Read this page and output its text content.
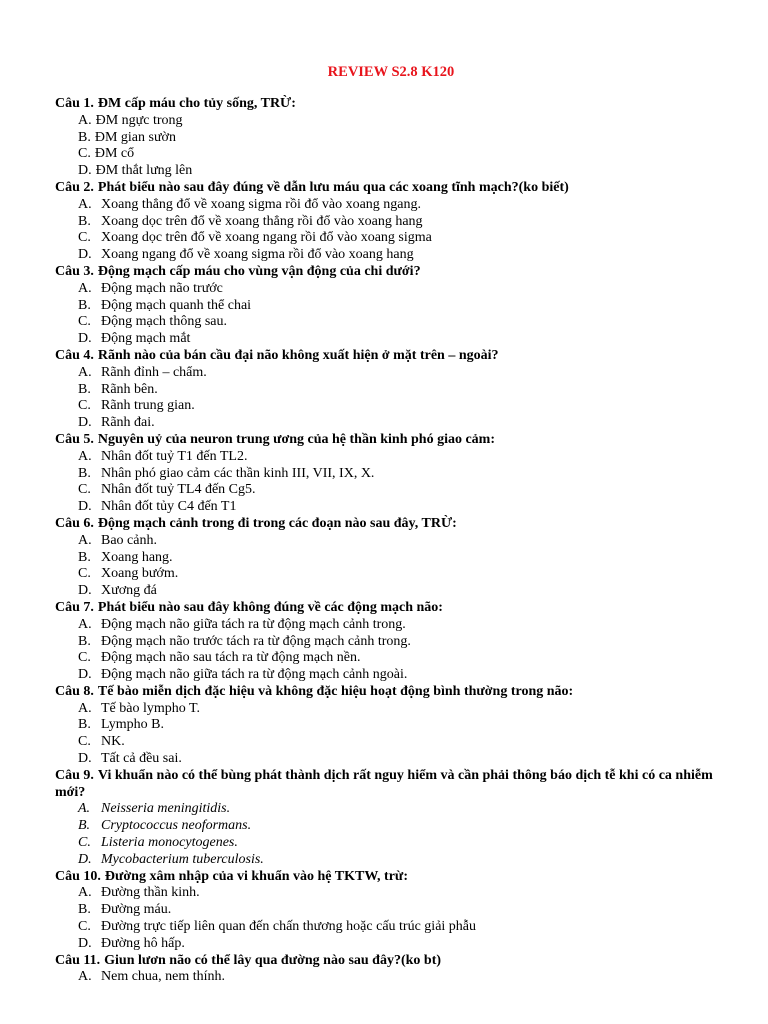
REVIEW S2.8 K120

Câu 1. ĐM cấp máu cho tủy sống, TRỪ:

A. ĐM ngực trong
B. ĐM gian sườn
C. ĐM cổ
D. ĐM thắt lưng lên

Câu 2. Phát biểu nào sau đây đúng về dẫn lưu máu qua các xoang tĩnh mạch?(ko biết)

A. Xoang thẳng đổ về xoang sigma rồi đổ vào xoang ngang.
B. Xoang dọc trên đổ về xoang thẳng rồi đổ vào xoang hang
C. Xoang dọc trên đổ về xoang ngang rồi đổ vào xoang sigma
D. Xoang ngang đổ về xoang sigma rồi đổ vào xoang hang

Câu 3. Động mạch cấp máu cho vùng vận động của chi dưới?

A. Động mạch não trước
B. Động mạch quanh thể chai
C. Động mạch thông sau.
D. Động mạch mắt

Câu 4. Rãnh nào của bán cầu đại não không xuất hiện ở mặt trên – ngoài?

A. Rãnh đỉnh – chẩm.
B. Rãnh bên.
C. Rãnh trung gian.
D. Rãnh đai.

Câu 5. Nguyên uỷ của neuron trung ương của hệ thần kinh phó giao cảm:

A. Nhân đốt tuỷ T1 đến TL2.
B. Nhân phó giao cảm các thần kinh III, VII, IX, X.
C. Nhân đốt tuỷ TL4 đến Cg5.
D. Nhân đốt tủy C4 đến T1

Câu 6. Động mạch cảnh trong đi trong các đoạn nào sau đây, TRỪ:

A. Bao cảnh.
B. Xoang hang.
C. Xoang bướm.
D. Xương đá

Câu 7. Phát biểu nào sau đây không đúng về các động mạch não:

A. Động mạch não giữa tách ra từ động mạch cảnh trong.
B. Động mạch não trước tách ra từ động mạch cảnh trong.
C. Động mạch não sau tách ra từ động mạch nền.
D. Động mạch não giữa tách ra từ động mạch cảnh ngoài.

Câu 8. Tế bào miễn dịch đặc hiệu và không đặc hiệu hoạt động bình thường trong não:

A. Tế bào lympho T.
B. Lympho B.
C. NK.
D. Tất cả đều sai.

Câu 9. Vi khuẩn nào có thể bùng phát thành dịch rất nguy hiểm và cần phải thông báo dịch tễ khi có ca nhiễm mới?

A. Neisseria meningitidis.
B. Cryptococcus neoformans.
C. Listeria monocytogenes.
D. Mycobacterium tuberculosis.

Câu 10. Đường xâm nhập của vi khuẩn vào hệ TKTW, trừ:

A. Đường thần kinh.
B. Đường máu.
C. Đường trực tiếp liên quan đến chấn thương hoặc cấu trúc giải phẫu
D. Đường hô hấp.

Câu 11. Giun lươn não có thể lây qua đường nào sau đây?(ko bt)

A. Nem chua, nem thính.
